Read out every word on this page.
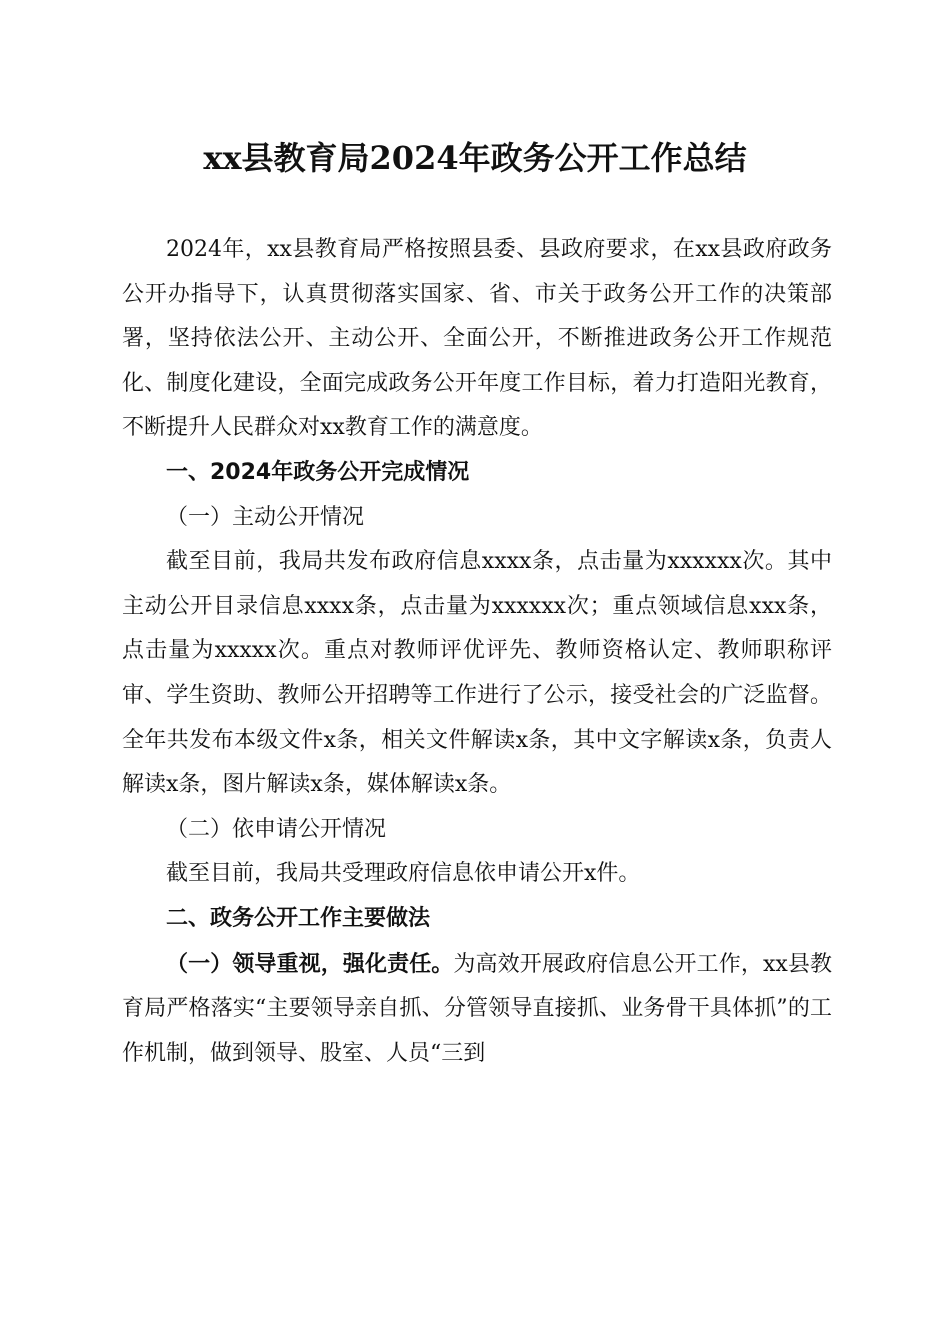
xx县教育局2024年政务公开工作总结

2024年，xx县教育局严格按照县委、县政府要求，在xx县政府政务公开办指导下，认真贯彻落实国家、省、市关于政务公开工作的决策部署，坚持依法公开、主动公开、全面公开，不断推进政务公开工作规范化、制度化建设，全面完成政务公开年度工作目标，着力打造阳光教育，不断提升人民群众对xx教育工作的满意度。

一、2024年政务公开完成情况

（一）主动公开情况

截至目前，我局共发布政府信息xxxx条，点击量为xxxxxx次。其中主动公开目录信息xxxx条，点击量为xxxxxx次；重点领域信息xxx条，点击量为xxxxx次。重点对教师评优评先、教师资格认定、教师职称评审、学生资助、教师公开招聘等工作进行了公示，接受社会的广泛监督。全年共发布本级文件x条，相关文件解读x条，其中文字解读x条，负责人解读x条，图片解读x条，媒体解读x条。

（二）依申请公开情况

截至目前，我局共受理政府信息依申请公开x件。

二、政务公开工作主要做法

（一）领导重视，强化责任。为高效开展政府信息公开工作，xx县教育局严格落实“主要领导亲自抓、分管领导直接抓、业务骨干具体抓”的工作机制，做到领导、股室、人员“三到
